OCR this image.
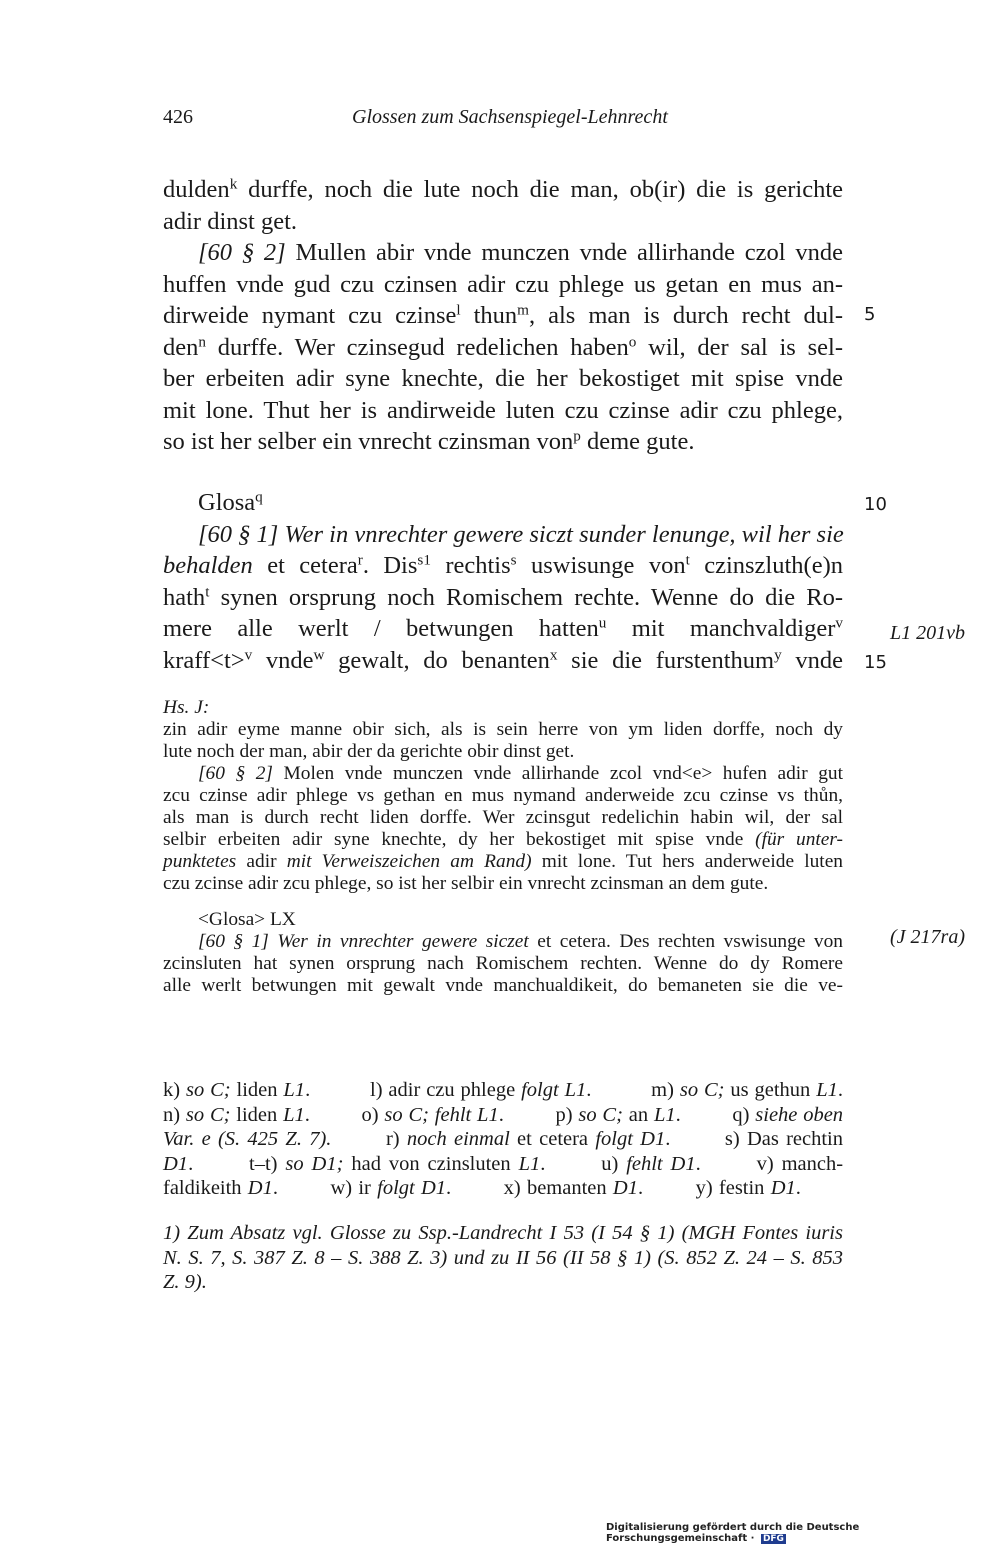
426	Glossen zum Sachsenspiegel-Lehnrecht
dulden$^k$ durffe, noch die lute noch die man, ob(ir) die is gerichte
adir dinst get.
[60 § 2] Mullen abir vnde munczen vnde allirhande czol vnde
huffen vnde gud czu czinsen adir czu phlege us getan en mus an-
dirweide nymant czu czinse$^l$ thun$^m$, als man is durch recht dul-
den$^n$ durffe. Wer czinsegud redelichen haben$^o$ wil, der sal is sel-
ber erbeiten adir syne knechte, die her bekostiget mit spise vnde
mit lone. Thut her is andirweide luten czu czinse adir czu phlege,
so ist her selber ein vnrecht czinsman von$^p$ deme gute.
5
Glosa$^q$
[60 § 1] Wer in vnrechter gewere siczt sunder lenunge, wil her sie
behalden et cetera$^r$. Dis$^{s1}$ rechtis$^s$ uswisunge von$^t$ czinszluth(e)n
hath$^t$ synen orsprung noch Romischem rechte. Wenne do die Ro-
mere alle werlt / betwungen hatten$^u$ mit manchvaldiger$^v$
kraff<t>$^v$ vnde$^w$ gewalt, do benanten$^x$ sie die furstenthum$^y$ vnde
10
15
L1 201vb
Hs. J:
zin adir eyme manne obir sich, als is sein herre von ym liden dorffe, noch dy
lute noch der man, abir der da gerichte obir dinst get.
[60 § 2] Molen vnde munczen vnde allirhande zcol vnd<e> hufen adir gut
zcu czinse adir phlege vs gethan en mus nymand anderweide zcu czinse vs thůn,
als man is durch recht liden dorffe. Wer zcinsgut redelichin habin wil, der sal
selbir erbeiten adir syne knechte, dy her bekostiget mit spise vnde (für unter-
punktetes adir mit Verweiszeichen am Rand) mit lone. Tut hers anderweide luten
czu zcinse adir zcu phlege, so ist her selbir ein vnrecht zcinsman an dem gute.
<Glosa> LX
[60 § 1] Wer in vnrechter gewere siczet et cetera. Des rechten vswisunge von
zcinsluten hat synen orsprung nach Romischem rechten. Wenne do dy Romere
alle werlt betwungen mit gewalt vnde manchualdikeit, do bemaneten sie die ve-
(J 217ra)
k) so C; liden L1.	l) adir czu phlege folgt L1.	m) so C; us gethun L1.
n) so C; liden L1.	o) so C; fehlt L1.	p) so C; an L1.	q) siehe oben
Var. e (S. 425 Z. 7).	r) noch einmal et cetera folgt D1.	s) Das rechtin
D1.	t–t) so D1; had von czinsluten L1.	u) fehlt D1.	v) manch-
faldikeith D1.	w) ir folgt D1.	x) bemanten D1.	y) festin D1.
1) Zum Absatz vgl. Glosse zu Ssp.-Landrecht I 53 (I 54 § 1) (MGH Fontes iuris
N. S. 7, S. 387 Z. 8 – S. 388 Z. 3) und zu II 56 (II 58 § 1) (S. 852 Z. 24 – S. 853
Z. 9).
Digitalisierung gefördert durch die Deutsche Forschungsgemeinschaft · DFG
